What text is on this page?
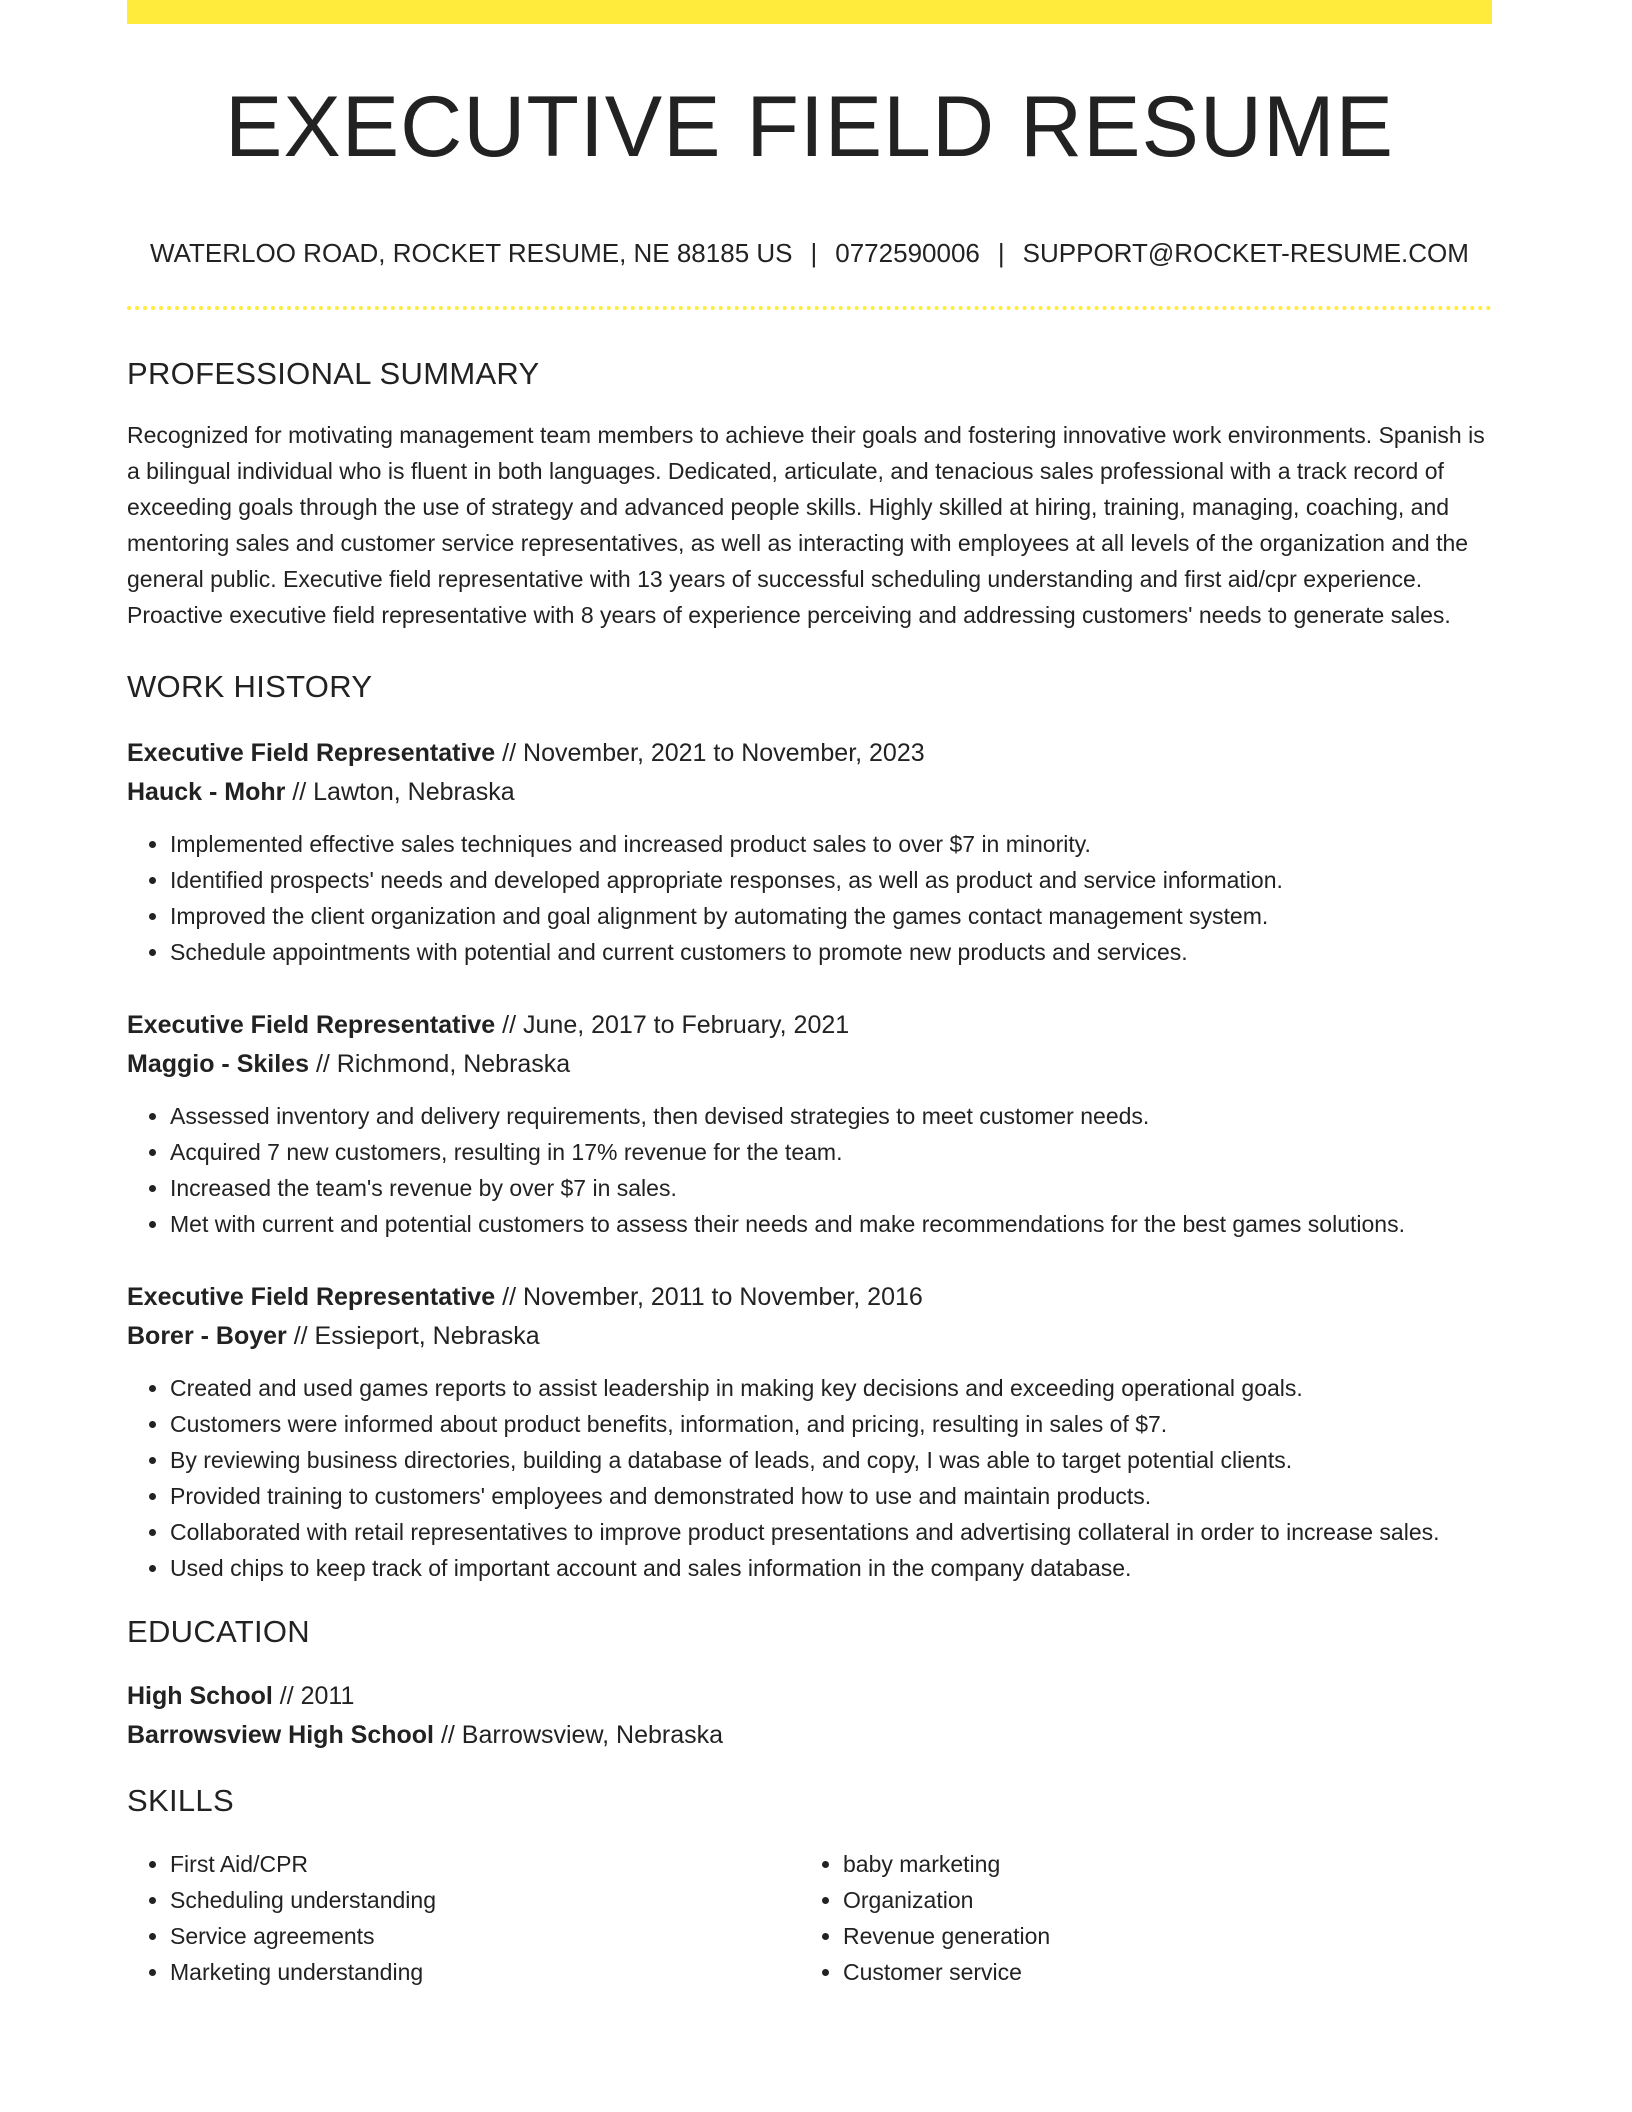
EXECUTIVE FIELD RESUME
WATERLOO ROAD, ROCKET RESUME, NE 88185 US | 0772590006 | SUPPORT@ROCKET-RESUME.COM
PROFESSIONAL SUMMARY
Recognized for motivating management team members to achieve their goals and fostering innovative work environments. Spanish is a bilingual individual who is fluent in both languages. Dedicated, articulate, and tenacious sales professional with a track record of exceeding goals through the use of strategy and advanced people skills. Highly skilled at hiring, training, managing, coaching, and mentoring sales and customer service representatives, as well as interacting with employees at all levels of the organization and the general public. Executive field representative with 13 years of successful scheduling understanding and first aid/cpr experience. Proactive executive field representative with 8 years of experience perceiving and addressing customers' needs to generate sales.
WORK HISTORY
Executive Field Representative // November, 2021 to November, 2023
Hauck - Mohr // Lawton, Nebraska
• Implemented effective sales techniques and increased product sales to over $7 in minority.
• Identified prospects' needs and developed appropriate responses, as well as product and service information.
• Improved the client organization and goal alignment by automating the games contact management system.
• Schedule appointments with potential and current customers to promote new products and services.
Executive Field Representative // June, 2017 to February, 2021
Maggio - Skiles // Richmond, Nebraska
• Assessed inventory and delivery requirements, then devised strategies to meet customer needs.
• Acquired 7 new customers, resulting in 17% revenue for the team.
• Increased the team's revenue by over $7 in sales.
• Met with current and potential customers to assess their needs and make recommendations for the best games solutions.
Executive Field Representative // November, 2011 to November, 2016
Borer - Boyer // Essieport, Nebraska
• Created and used games reports to assist leadership in making key decisions and exceeding operational goals.
• Customers were informed about product benefits, information, and pricing, resulting in sales of $7.
• By reviewing business directories, building a database of leads, and copy, I was able to target potential clients.
• Provided training to customers' employees and demonstrated how to use and maintain products.
• Collaborated with retail representatives to improve product presentations and advertising collateral in order to increase sales.
• Used chips to keep track of important account and sales information in the company database.
EDUCATION
High School // 2011
Barrowsview High School // Barrowsview, Nebraska
SKILLS
• First Aid/CPR
• Scheduling understanding
• Service agreements
• Marketing understanding
• baby marketing
• Organization
• Revenue generation
• Customer service
